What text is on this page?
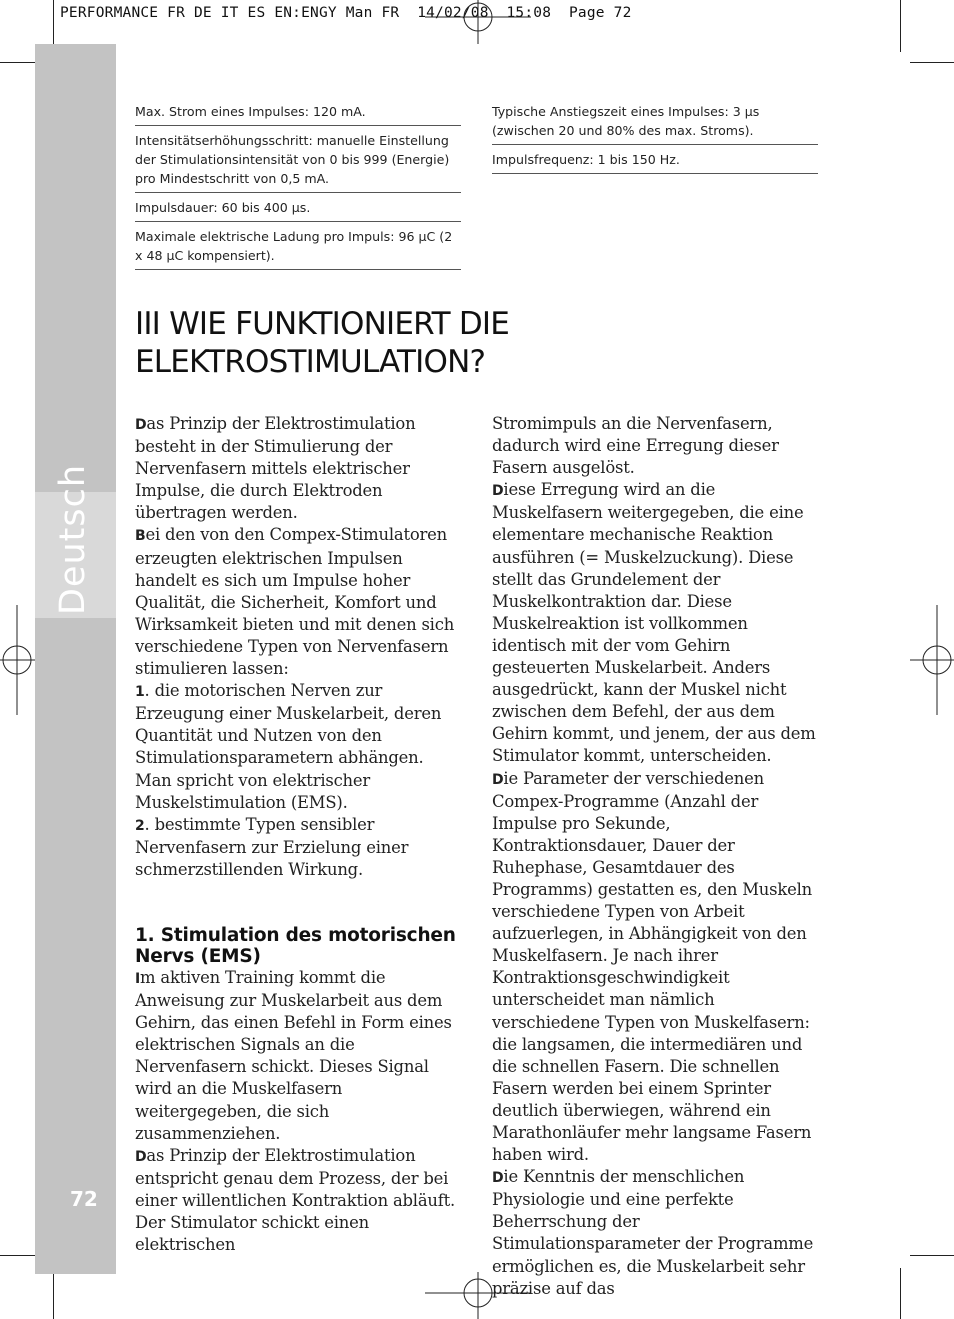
PERFORMANCE FR DE IT ES EN:ENGY Man FR  14/02/08  15:08  Page 72
Deutsch
72
Max. Strom eines Impulses: 120 mA.
Intensitätserhöhungsschritt: manuelle Einstellung der Stimulationsintensität von 0 bis 999 (Energie) pro Mindestschritt von 0,5 mA.
Impulsdauer: 60 bis 400 µs.
Maximale elektrische Ladung pro Impuls: 96 µC (2 x 48 µC kompensiert).
Typische Anstiegszeit eines Impulses: 3 µs (zwischen 20 und 80% des max. Stroms).
Impulsfrequenz: 1 bis 150 Hz.
III WIE FUNKTIONIERT DIE
ELEKTROSTIMULATION?

Das Prinzip der Elektrostimulation besteht in der Stimulierung der Nervenfasern mittels elektrischer Impulse, die durch Elektroden übertragen werden.

Bei den von den Compex-Stimulatoren erzeugten elektrischen Impulsen handelt es sich um Impulse hoher Qualität, die Sicherheit, Komfort und Wirksamkeit bieten und mit denen sich verschiedene Typen von Nervenfasern stimulieren lassen:

1. die motorischen Nerven zur Erzeugung einer Muskelarbeit, deren Quantität und Nutzen von den Stimulationsparametern abhängen. Man spricht von elektrischer Muskelstimulation (EMS).

2. bestimmte Typen sensibler Nervenfasern zur Erzielung einer schmerzstillenden Wirkung.

1. Stimulation des motorischen Nervs (EMS)

Im aktiven Training kommt die Anweisung zur Muskelarbeit aus dem Gehirn, das einen Befehl in Form eines elektrischen Signals an die Nervenfasern schickt. Dieses Signal wird an die Muskelfasern weitergegeben, die sich zusammenziehen.

Das Prinzip der Elektrostimulation entspricht genau dem Prozess, der bei einer willentlichen Kontraktion abläuft. Der Stimulator schickt einen elektrischen

Stromimpuls an die Nervenfasern, dadurch wird eine Erregung dieser Fasern ausgelöst.

Diese Erregung wird an die Muskelfasern weitergegeben, die eine elementare mechanische Reaktion ausführen (= Muskelzuckung). Diese stellt das Grundelement der Muskelkontraktion dar. Diese Muskelreaktion ist vollkommen identisch mit der vom Gehirn gesteuerten Muskelarbeit. Anders ausgedrückt, kann der Muskel nicht zwischen dem Befehl, der aus dem Gehirn kommt, und jenem, der aus dem Stimulator kommt, unterscheiden.

Die Parameter der verschiedenen Compex-Programme (Anzahl der Impulse pro Sekunde, Kontraktionsdauer, Dauer der Ruhephase, Gesamtdauer des Programms) gestatten es, den Muskeln verschiedene Typen von Arbeit aufzuerlegen, in Abhängigkeit von den Muskelfasern. Je nach ihrer Kontraktionsgeschwindigkeit unterscheidet man nämlich verschiedene Typen von Muskelfasern: die langsamen, die intermediären und die schnellen Fasern. Die schnellen Fasern werden bei einem Sprinter deutlich überwiegen, während ein Marathonläufer mehr langsame Fasern haben wird.

Die Kenntnis der menschlichen Physiologie und eine perfekte Beherrschung der Stimulationsparameter der Programme ermöglichen es, die Muskelarbeit sehr präzise auf das
